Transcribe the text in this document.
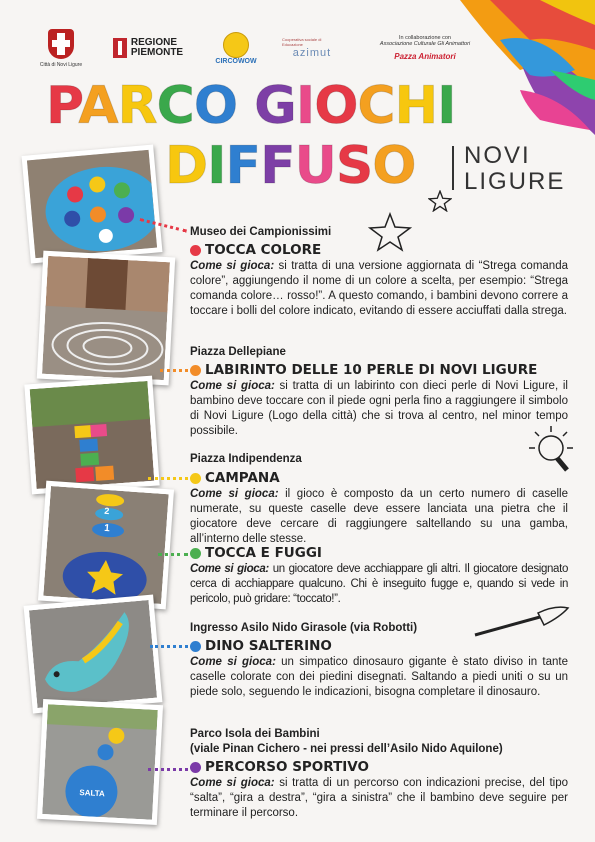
Città di Novi Ligure
REGIONE
PIEMONTE
CIRCOWOW
Cooperativa sociale di Educazione
azimut
In collaborazione con
Associazione Culturale Gli Animattori
Pazza Animatori
PARCO GIOCHI
DIFFUSO NOVI
LIGURE
2
1
SALTA
Museo dei Campionissimi
TOCCA COLORE
Come si gioca: si tratta di una versione aggiornata di “Strega comanda colore”, aggiungendo il nome di un colore a scelta, per esempio: “Strega comanda colore… rosso!”. A questo comando, i bambini devono correre a toccare i bolli del colore indicato, evitando di essere acciuffati dalla strega.
Piazza Dellepiane
LABIRINTO DELLE 10 PERLE DI NOVI LIGURE
Come si gioca: si tratta di un labirinto con dieci perle di Novi Ligure, il bambino deve toccare con il piede ogni perla fino a raggiungere il simbolo di Novi Ligure (Logo della città) che si trova al centro, nel minor tempo possibile.
Piazza Indipendenza
CAMPANA
Come si gioca: il gioco è composto da un certo numero di caselle numerate, su queste caselle deve essere lanciata una pietra che il giocatore deve cercare di raggiungere saltellando su una gamba, all’interno delle stesse.
TOCCA E FUGGI
Come si gioca: un giocatore deve acchiappare gli altri. Il giocatore designato cerca di acchiappare qualcuno. Chi è inseguito fugge e, quando si vede in pericolo, può gridare: “toccato!”.
Ingresso Asilo Nido Girasole (via Robotti)
DINO SALTERINO
Come si gioca: un simpatico dinosauro gigante è stato diviso in tante caselle colorate con dei piedini disegnati. Saltando a piedi uniti o su un piede solo, seguendo le indicazioni, bisogna completare il dinosauro.
Parco Isola dei Bambini
(viale Pinan Cichero - nei pressi dell’Asilo Nido Aquilone)
PERCORSO SPORTIVO
Come si gioca: si tratta di un percorso con indicazioni precise, del tipo “salta”, “gira a destra”, “gira a sinistra” che il bambino deve seguire per terminare il percorso.
